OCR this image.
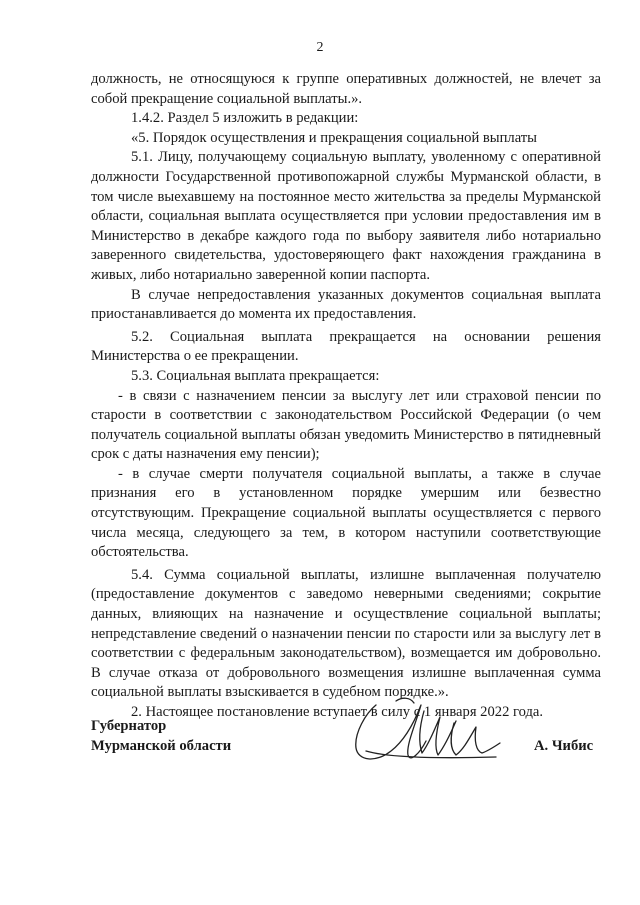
2

должность, не относящуюся к группе оперативных должностей, не влечет за собой прекращение социальной выплаты.».

1.4.2. Раздел 5 изложить в редакции:

«5. Порядок осуществления и прекращения социальной выплаты

5.1. Лицу, получающему социальную выплату, уволенному с оперативной должности Государственной противопожарной службы Мурманской области, в том числе выехавшему на постоянное место жительства за пределы Мурманской области, социальная выплата осуществляется при условии предоставления им в Министерство в декабре каждого года по выбору заявителя либо нотариально заверенного свидетельства, удостоверяющего факт нахождения гражданина в живых, либо нотариально заверенной копии паспорта.

В случае непредоставления указанных документов социальная выплата приостанавливается до момента их предоставления.

5.2. Социальная выплата прекращается на основании решения Министерства о ее прекращении.

5.3. Социальная выплата прекращается:

- в связи с назначением пенсии за выслугу лет или страховой пенсии по старости в соответствии с законодательством Российской Федерации (о чем получатель социальной выплаты обязан уведомить Министерство в пятидневный срок с даты назначения ему пенсии);

- в случае смерти получателя социальной выплаты, а также в случае признания его в установленном порядке умершим или безвестно отсутствующим. Прекращение социальной выплаты осуществляется с первого числа месяца, следующего за тем, в котором наступили соответствующие обстоятельства.

5.4. Сумма социальной выплаты, излишне выплаченная получателю (предоставление документов с заведомо неверными сведениями; сокрытие данных, влияющих на назначение и осуществление социальной выплаты; непредставление сведений о назначении пенсии по старости или за выслугу лет в соответствии с федеральным законодательством), возмещается им добровольно. В случае отказа от добровольного возмещения излишне выплаченная сумма социальной выплаты взыскивается в судебном порядке.».

2. Настоящее постановление вступает в силу с 1 января 2022 года.

Губернатор
Мурманской области	А. Чибис
